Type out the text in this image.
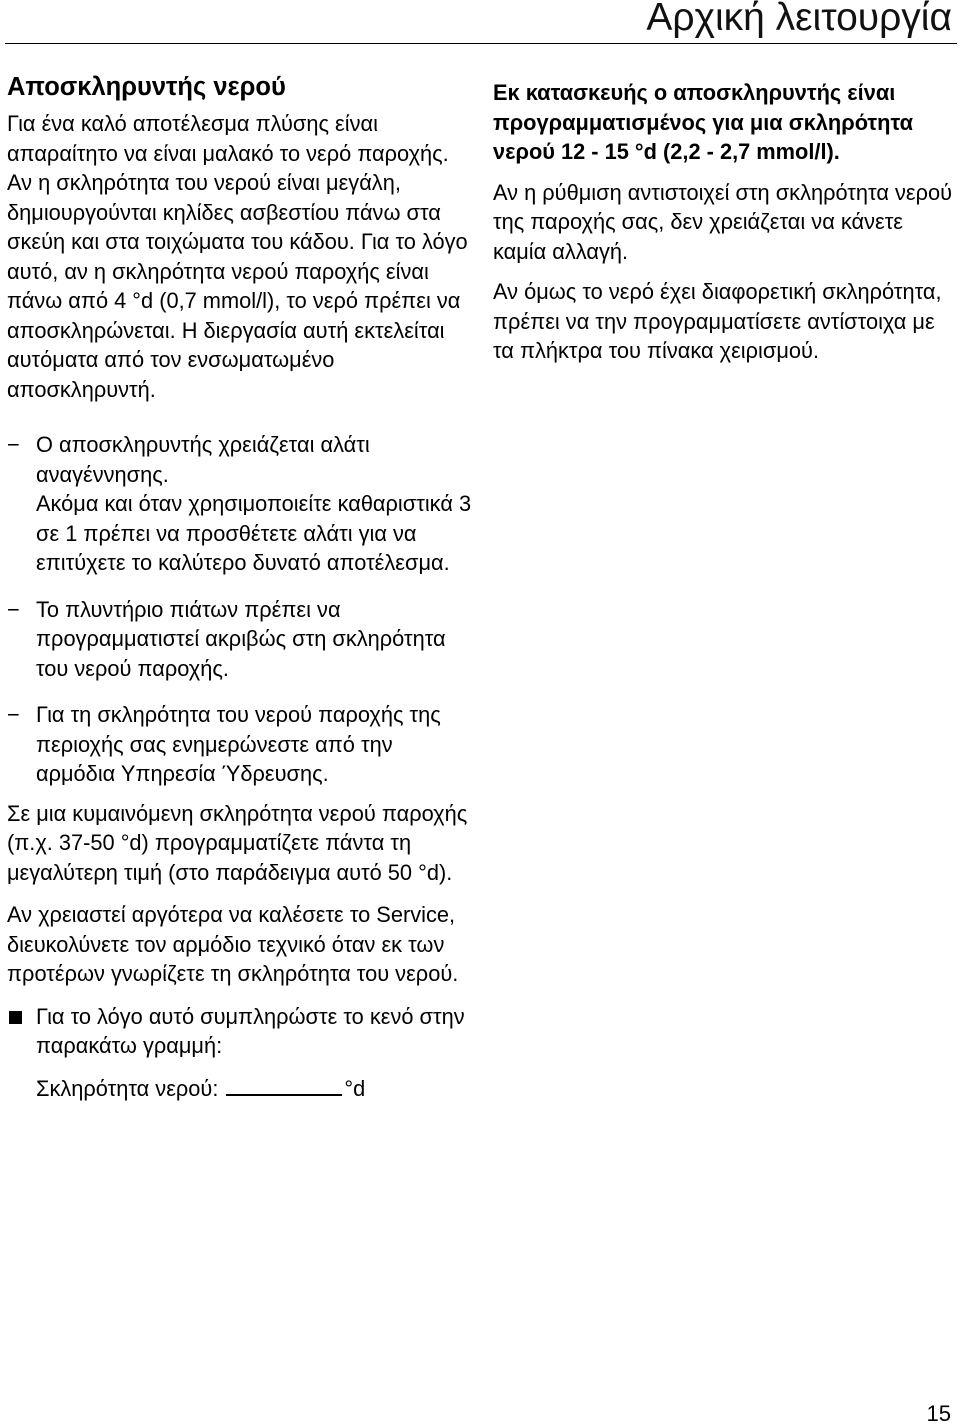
Αρχική λειτουργία
Αποσκληρυντής νερού

Για ένα καλό αποτέλεσμα πλύσης είναι απαραίτητο να είναι μαλακό το νερό παροχής. Αν η σκληρότητα του νερού είναι μεγάλη, δημιουργούνται κηλίδες ασβεστίου πάνω στα σκεύη και στα τοιχώματα του κάδου. Για το λόγο αυτό, αν η σκληρότητα νερού παροχής είναι πάνω από 4 °d (0,7 mmol/l), το νερό πρέπει να αποσκληρώνεται. Η διεργασία αυτή εκτελείται αυτόματα από τον ενσωματωμένο αποσκληρυντή.

− Ο αποσκληρυντής χρειάζεται αλάτι αναγέννησης.
Ακόμα και όταν χρησιμοποιείτε καθαριστικά 3 σε 1 πρέπει να προσθέτετε αλάτι για να επιτύχετε το καλύτερο δυνατό αποτέλεσμα.
− Το πλυντήριο πιάτων πρέπει να προγραμματιστεί ακριβώς στη σκληρότητα του νερού παροχής.
− Για τη σκληρότητα του νερού παροχής της περιοχής σας ενημερώνεστε από την αρμόδια Υπηρεσία Ύδρευσης.

Σε μια κυμαινόμενη σκληρότητα νερού παροχής (π.χ. 37-50 °d) προγραμματίζετε πάντα τη μεγαλύτερη τιμή (στο παράδειγμα αυτό 50 °d).

Αν χρειαστεί αργότερα να καλέσετε το Service, διευκολύνετε τον αρμόδιο τεχνικό όταν εκ των προτέρων γνωρίζετε τη σκληρότητα του νερού.

Για το λόγο αυτό συμπληρώστε το κενό στην παρακάτω γραμμή:
Σκληρότητα νερού:	°d

Εκ κατασκευής ο αποσκληρυντής είναι προγραμματισμένος για μια σκληρότητα νερού 12 - 15 °d (2,2 - 2,7 mmol/l).

Αν η ρύθμιση αντιστοιχεί στη σκληρότητα νερού της παροχής σας, δεν χρειάζεται να κάνετε καμία αλλαγή.

Αν όμως το νερό έχει διαφορετική σκληρότητα, πρέπει να την προγραμματίσετε αντίστοιχα με τα πλήκτρα του πίνακα χειρισμού.

15
